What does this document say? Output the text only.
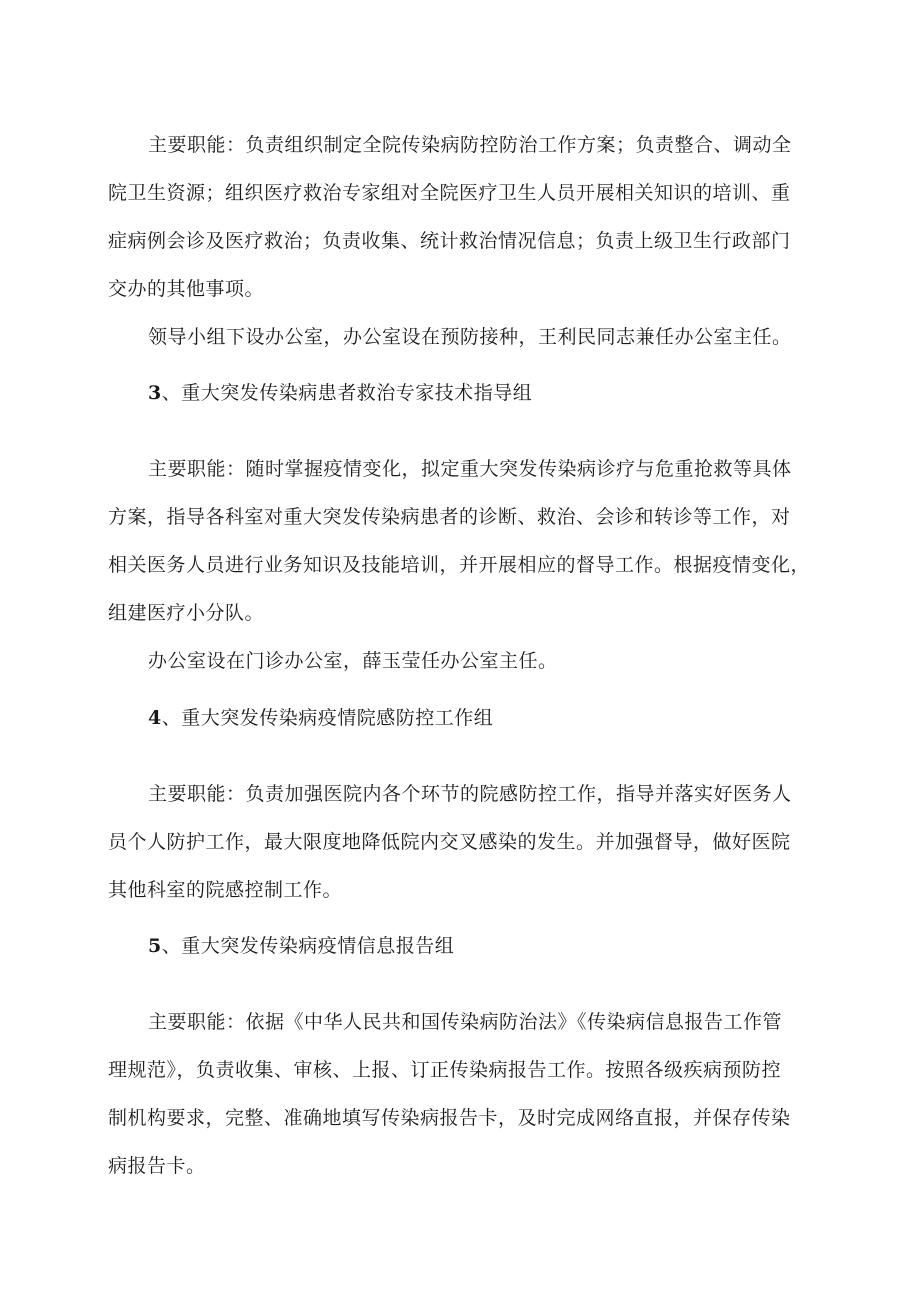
主要职能：负责组织制定全院传染病防控防治工作方案；负责整合、调动全
院卫生资源；组织医疗救治专家组对全院医疗卫生人员开展相关知识的培训、重
症病例会诊及医疗救治；负责收集、统计救治情况信息；负责上级卫生行政部门
交办的其他事项。
领导小组下设办公室，办公室设在预防接种，王利民同志兼任办公室主任。
3、重大突发传染病患者救治专家技术指导组
主要职能：随时掌握疫情变化，拟定重大突发传染病诊疗与危重抢救等具体
方案，指导各科室对重大突发传染病患者的诊断、救治、会诊和转诊等工作，对
相关医务人员进行业务知识及技能培训，并开展相应的督导工作。根据疫情变化，
组建医疗小分队。
办公室设在门诊办公室，薛玉莹任办公室主任。
4、重大突发传染病疫情院感防控工作组
主要职能：负责加强医院内各个环节的院感防控工作，指导并落实好医务人
员个人防护工作，最大限度地降低院内交叉感染的发生。并加强督导，做好医院
其他科室的院感控制工作。
5、重大突发传染病疫情信息报告组
主要职能：依据《中华人民共和国传染病防治法》《传染病信息报告工作管
理规范》，负责收集、审核、上报、订正传染病报告工作。按照各级疾病预防控
制机构要求，完整、准确地填写传染病报告卡，及时完成网络直报，并保存传染
病报告卡。
